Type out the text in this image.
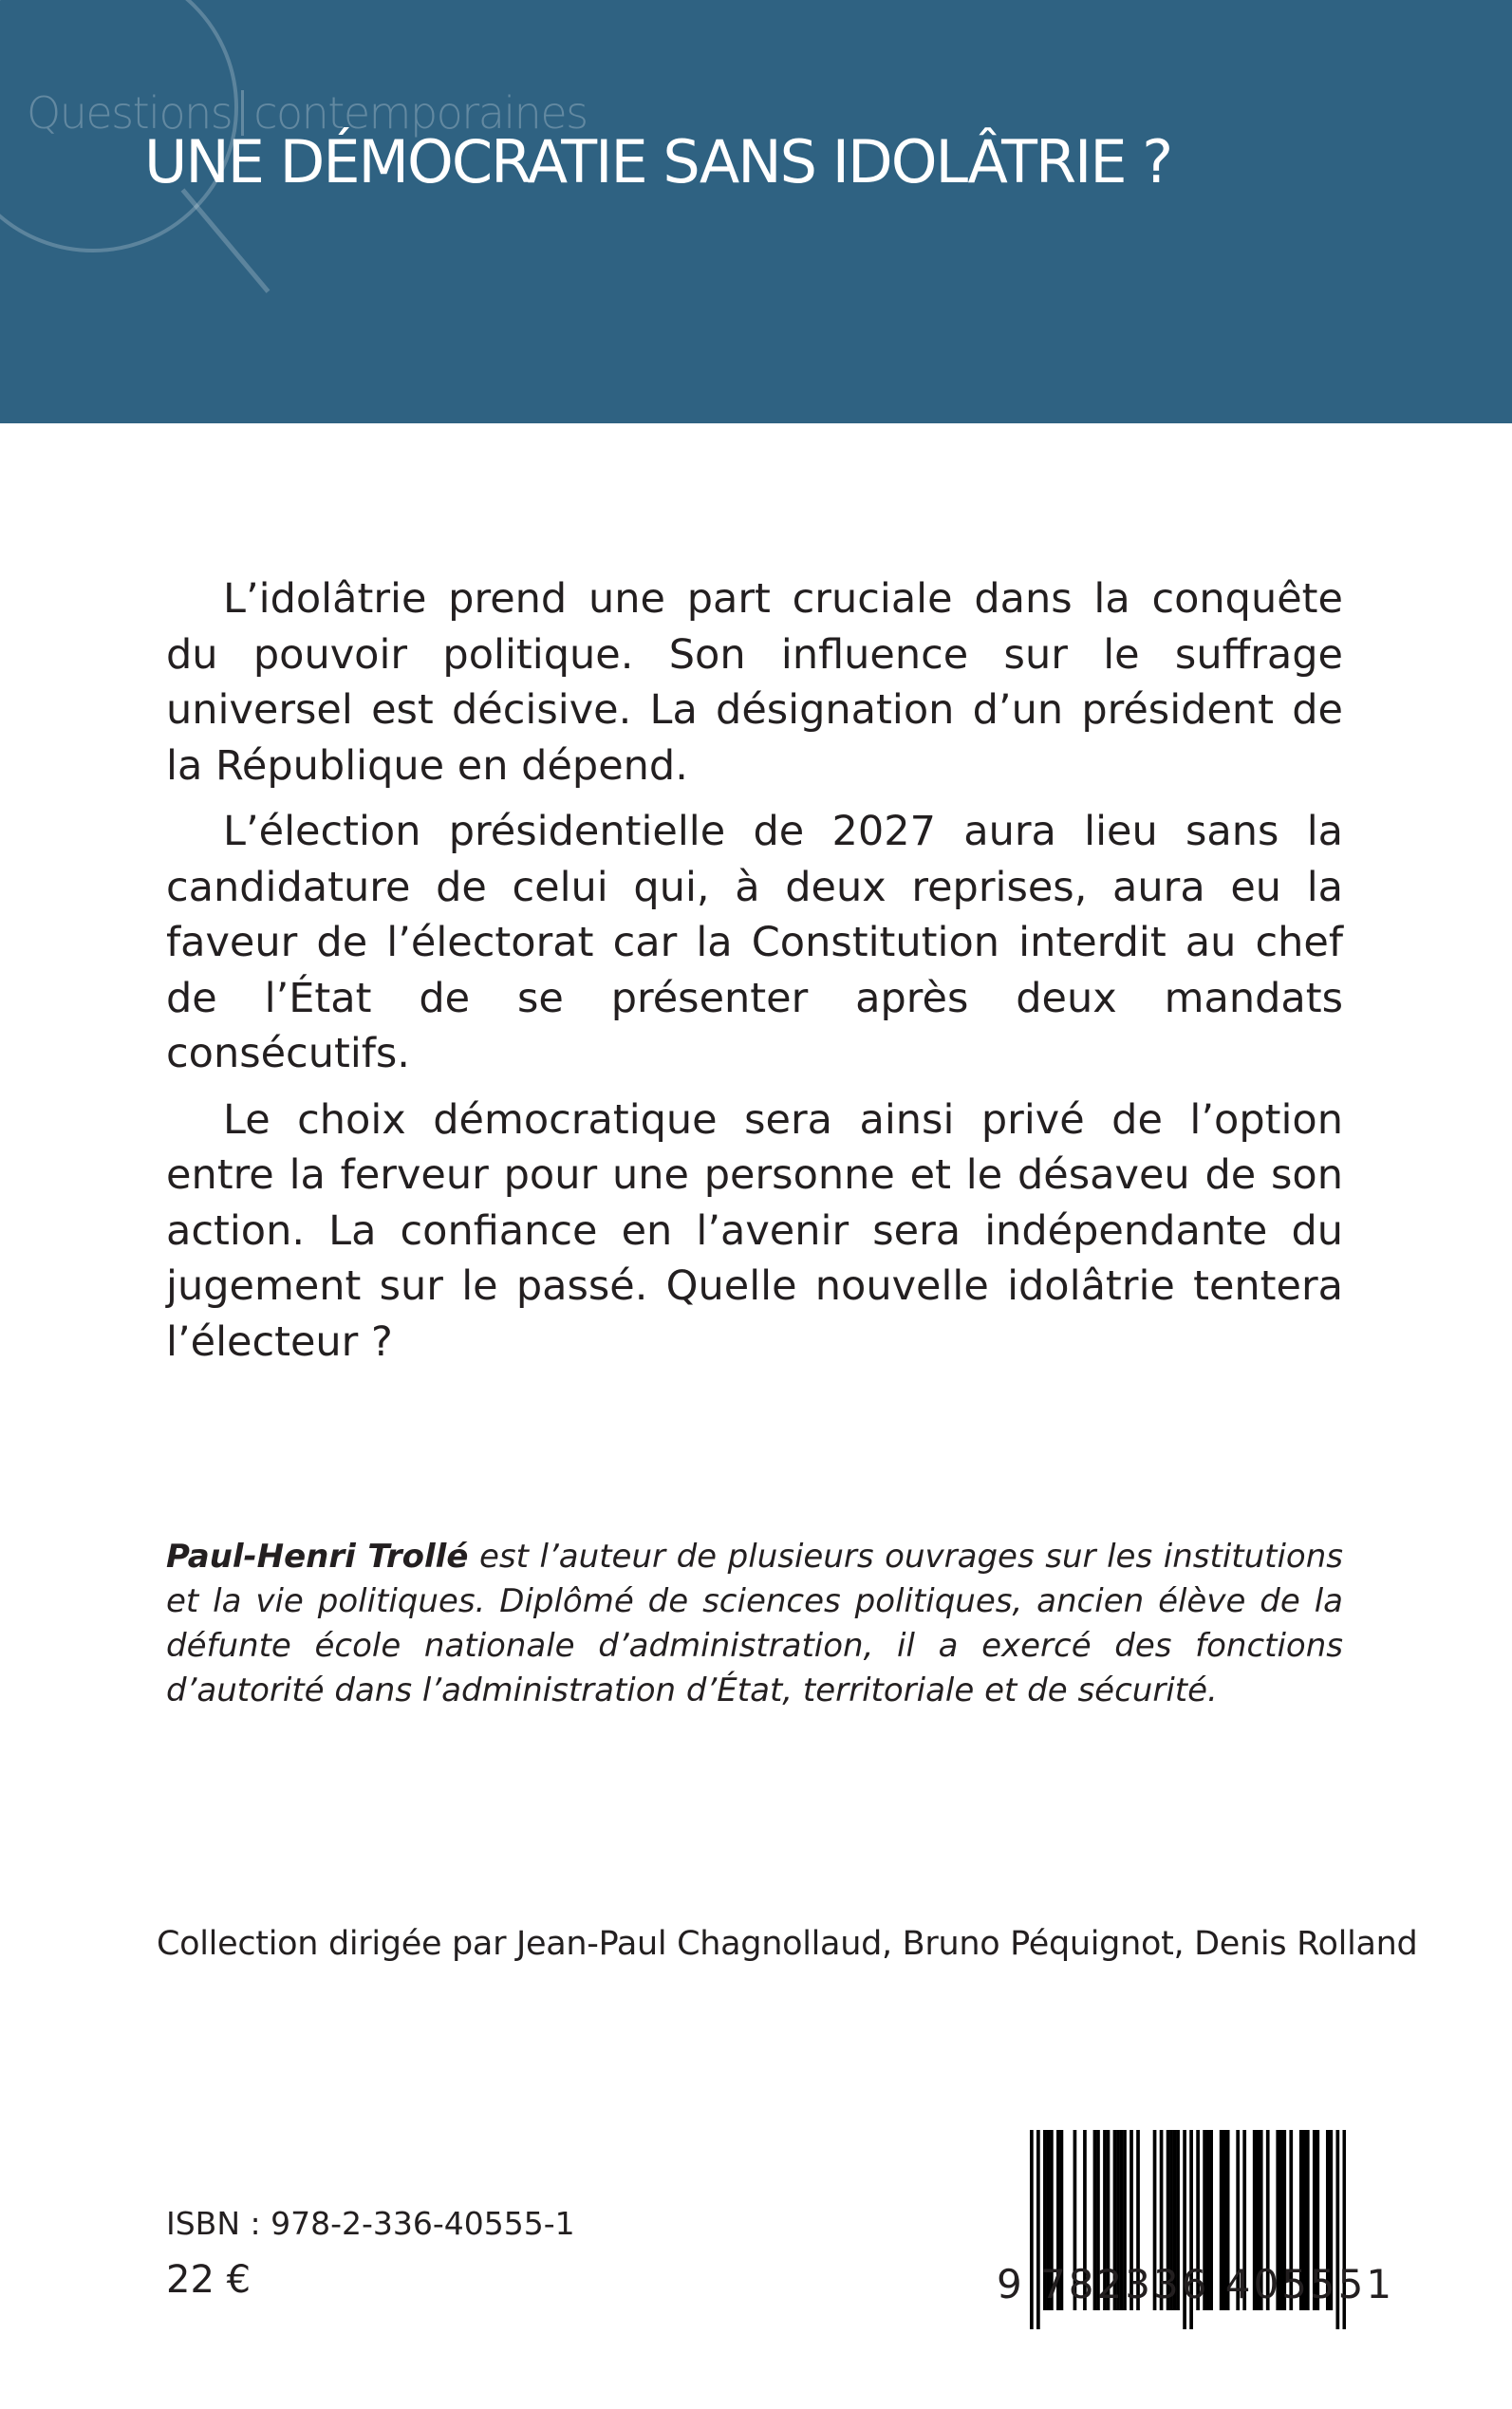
Questions contemporaines
UNE DÉMOCRATIE SANS IDOLÂTRIE ?

L’idolâtrie prend une part cruciale dans la conquête du pouvoir politique. Son influence sur le suffrage universel est décisive. La désignation d’un président de la République en dépend.

L’élection présidentielle de 2027 aura lieu sans la candidature de celui qui, à deux reprises, aura eu la faveur de l’électorat car la Constitution interdit au chef de l’État de se présenter après deux mandats consécutifs.

Le choix démocratique sera ainsi privé de l’option entre la ferveur pour une personne et le désaveu de son action. La confiance en l’avenir sera indépendante du jugement sur le passé. Quelle nouvelle idolâtrie tentera l’électeur ?

Paul-Henri Trollé est l’auteur de plusieurs ouvrages sur les institutions et la vie politiques. Diplômé de sciences politiques, ancien élève de la défunte école nationale d’administration, il a exercé des fonctions d’autorité dans l’administration d’État, territoriale et de sécurité.
Collection dirigée par Jean-Paul Chagnollaud, Bruno Péquignot, Denis Rolland
ISBN : 978-2-336-40555-1
22 €	9 782336 405551
